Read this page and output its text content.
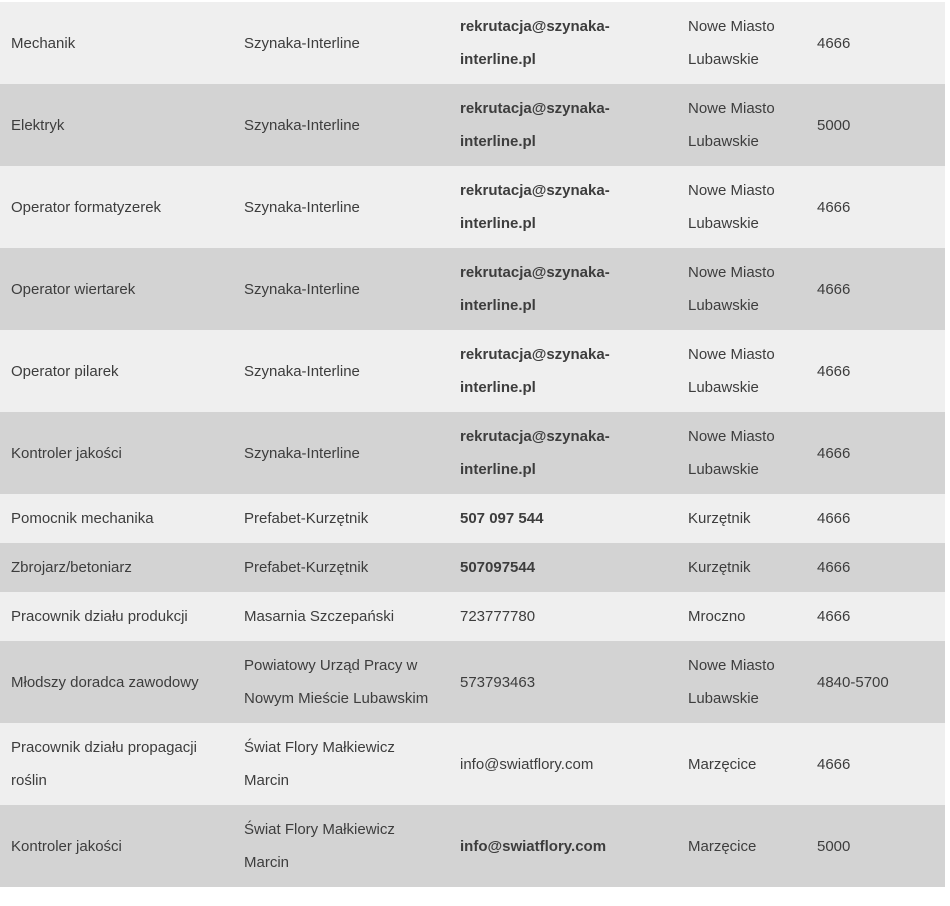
Mechanik	Szynaka-Interline	rekrutacja@szynaka-interline.pl	Nowe Miasto Lubawskie	4666
Elektryk	Szynaka-Interline	rekrutacja@szynaka-interline.pl	Nowe Miasto Lubawskie	5000
Operator formatyzerek	Szynaka-Interline	rekrutacja@szynaka-interline.pl	Nowe Miasto Lubawskie	4666
Operator wiertarek	Szynaka-Interline	rekrutacja@szynaka-interline.pl	Nowe Miasto Lubawskie	4666
Operator pilarek	Szynaka-Interline	rekrutacja@szynaka-interline.pl	Nowe Miasto Lubawskie	4666
Kontroler jakości	Szynaka-Interline	rekrutacja@szynaka-interline.pl	Nowe Miasto Lubawskie	4666
Pomocnik mechanika	Prefabet-Kurzętnik	507 097 544	Kurzętnik	4666
Zbrojarz/betoniarz	Prefabet-Kurzętnik	507097544	Kurzętnik	4666
Pracownik działu produkcji	Masarnia Szczepański	723777780	Mroczno	4666
Młodszy doradca zawodowy	Powiatowy Urząd Pracy w Nowym Mieście Lubawskim	573793463	Nowe Miasto Lubawskie	4840-5700
Pracownik działu propagacji roślin	Świat Flory Małkiewicz Marcin	info@swiatflory.com	Marzęcice	4666
Kontroler jakości	Świat Flory Małkiewicz Marcin	info@swiatflory.com	Marzęcice	5000
